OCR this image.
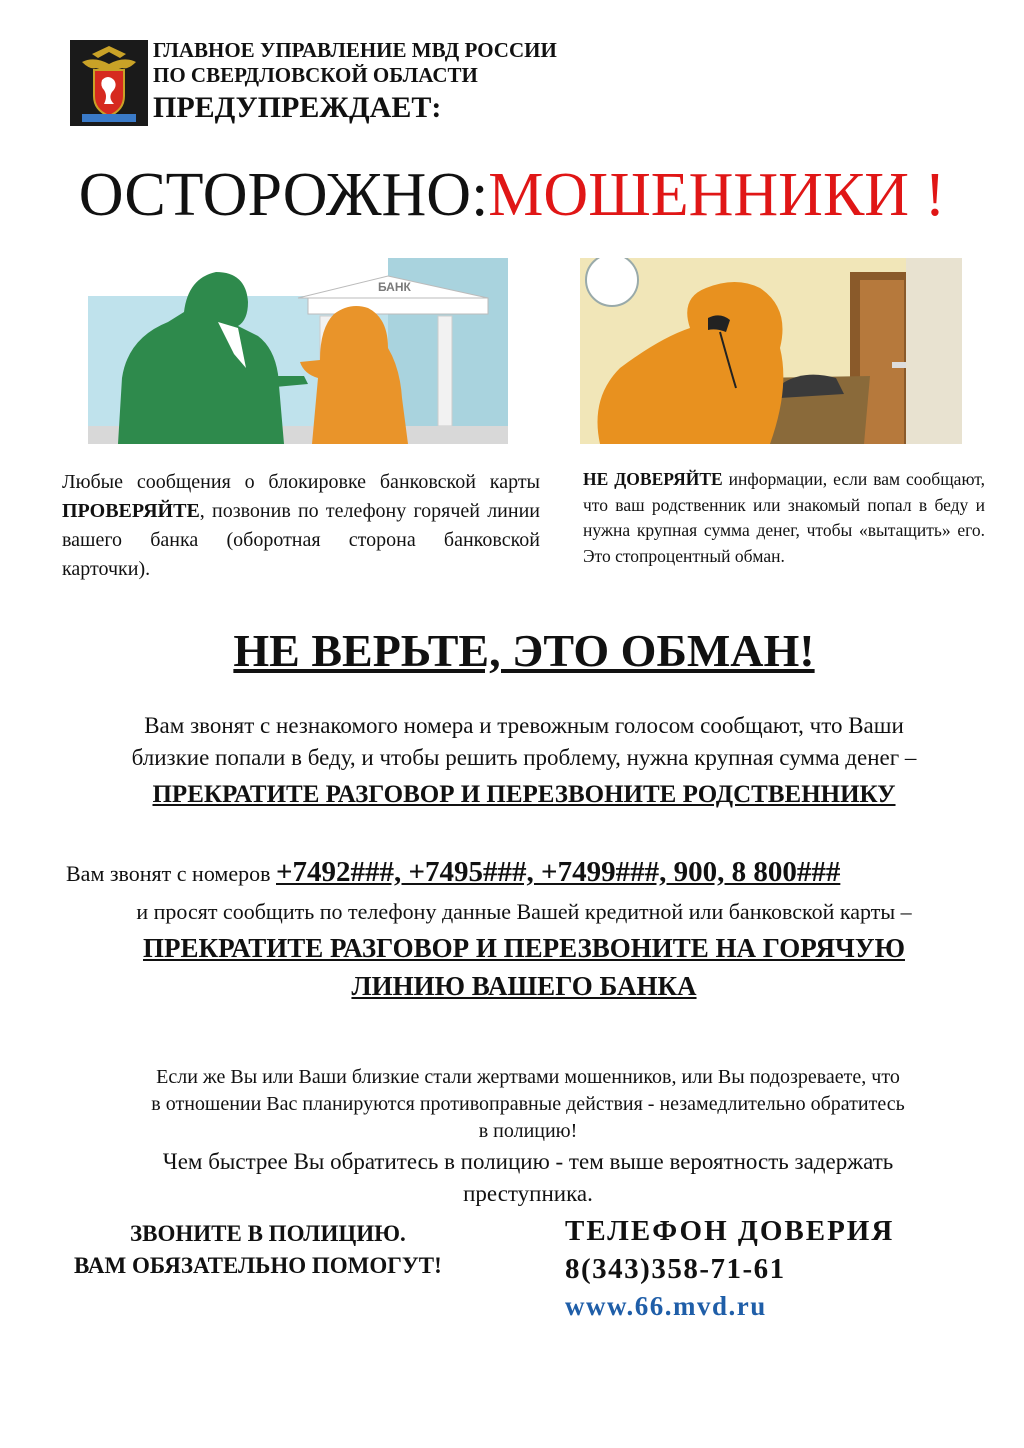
ГЛАВНОЕ УПРАВЛЕНИЕ МВД РОССИИ
ПО СВЕРДЛОВСКОЙ ОБЛАСТИ
ПРЕДУПРЕЖДАЕТ:
ОСТОРОЖНО:МОШЕННИКИ !
БАНК
Любые сообщения о блокировке банковской карты ПРОВЕРЯЙТЕ, позвонив по телефону горячей линии вашего банка (оборотная сторона банковской карточки).
НЕ ДОВЕРЯЙТЕ информации, если вам сообщают, что ваш родственник или знакомый попал в беду и нужна крупная сумма денег, чтобы «вытащить» его. Это стопроцентный обман.
НЕ ВЕРЬТЕ, ЭТО ОБМАН!
Вам звонят с незнакомого номера и тревожным голосом сообщают, что Ваши
близкие попали в беду, и чтобы решить проблему, нужна крупная сумма денег –
ПРЕКРАТИТЕ РАЗГОВОР И ПЕРЕЗВОНИТЕ РОДСТВЕННИКУ
Вам звонят с номеров +7492###, +7495###, +7499###, 900, 8 800###
и просят сообщить по телефону данные Вашей кредитной или банковской карты –
ПРЕКРАТИТЕ РАЗГОВОР И ПЕРЕЗВОНИТЕ НА ГОРЯЧУЮ
ЛИНИЮ ВАШЕГО БАНКА
Если же Вы или Ваши близкие стали жертвами мошенников, или Вы подозреваете, что
в отношении Вас планируются противоправные действия - незамедлительно обратитесь
в полицию!
Чем быстрее Вы обратитесь в полицию - тем выше вероятность задержать
преступника.
ЗВОНИТЕ В ПОЛИЦИЮ.
ВАМ ОБЯЗАТЕЛЬНО ПОМОГУТ!
ТЕЛЕФОН ДОВЕРИЯ
8(343)358-71-61
www.66.mvd.ru
